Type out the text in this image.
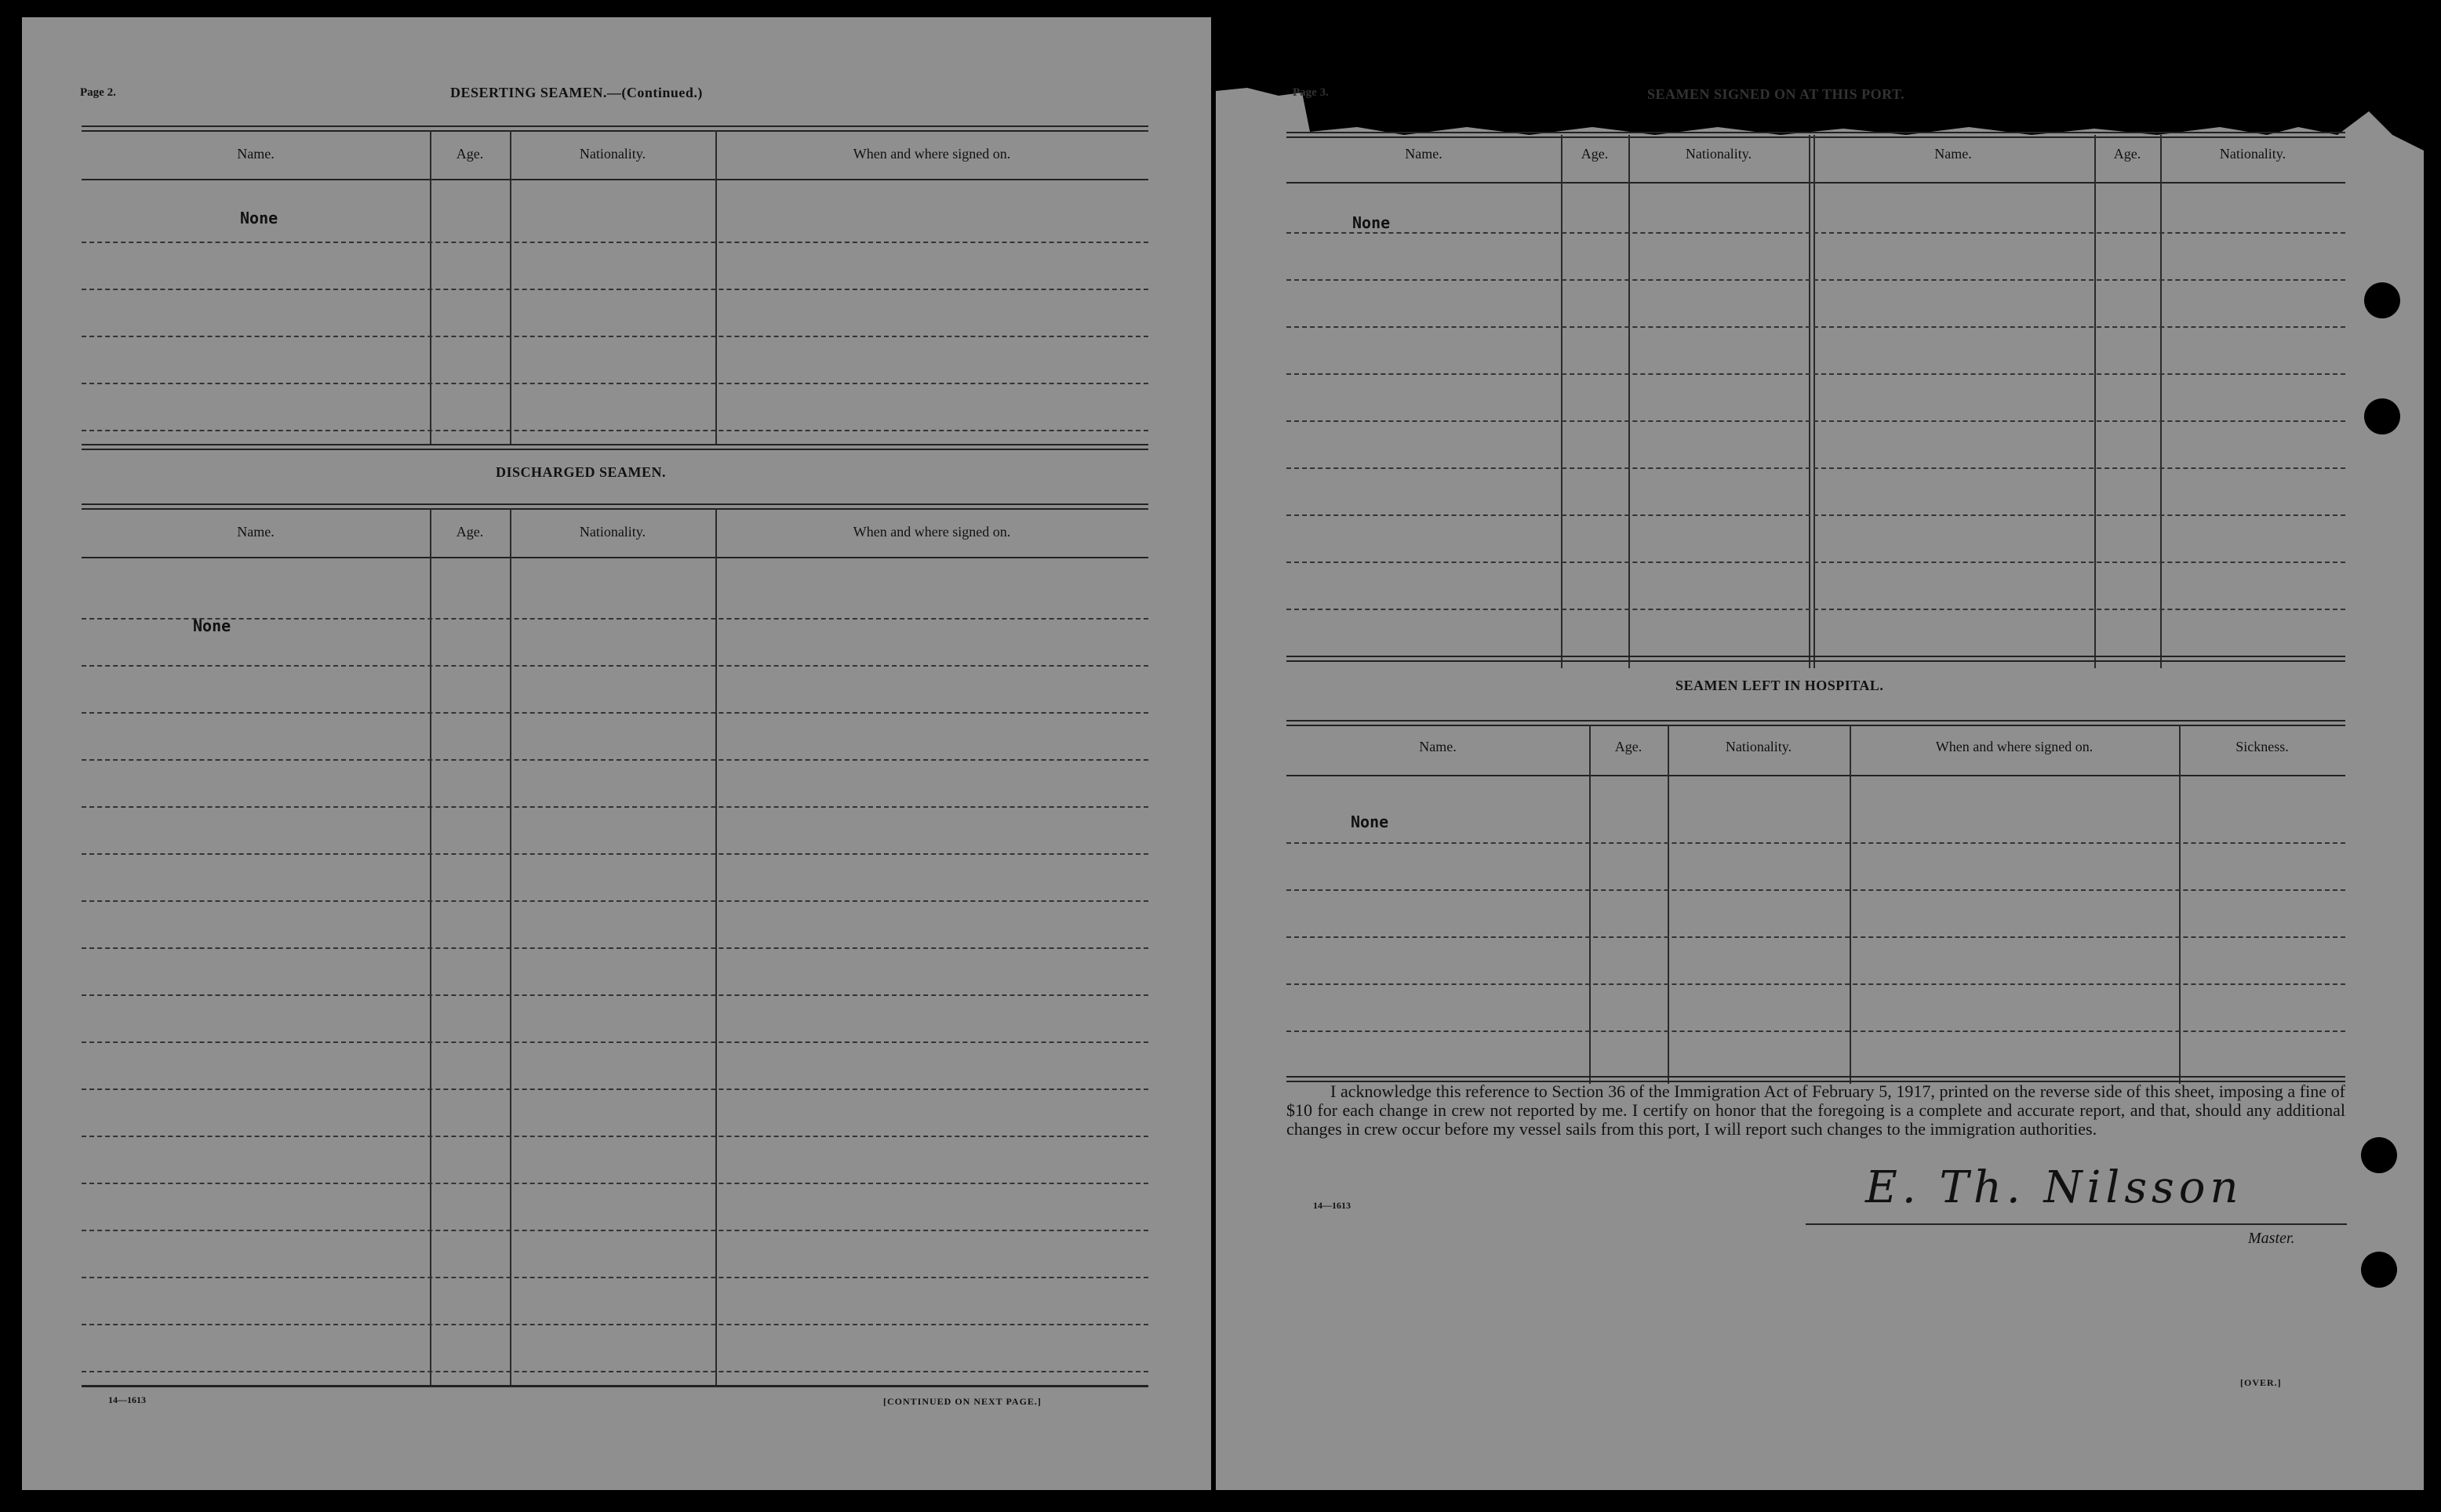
Page 2.	DESERTING SEAMEN.—(Continued.)
Name.	Age.	Nationality.	When and where signed on.
None
DISCHARGED SEAMEN.
Name.	Age.	Nationality.	When and where signed on.
None
14—1613	[CONTINUED ON NEXT PAGE.]
Page 3.	SEAMEN SIGNED ON AT THIS PORT.
Name.	Age.	Nationality.	Name.	Age.	Nationality.
None
SEAMEN LEFT IN HOSPITAL.
Name.	Age.	Nationality.	When and where signed on.	Sickness.
None
I acknowledge this reference to Section 36 of the Immigration Act of February 5, 1917, printed on the reverse side of this sheet, imposing a fine of $10 for each change in crew not reported by me. I certify on honor that the foregoing is a complete and accurate report, and that, should any additional changes in crew occur before my vessel sails from this port, I will report such changes to the immigration authorities.
14—1613	E. Th. Nilsson
Master.
[OVER.]
